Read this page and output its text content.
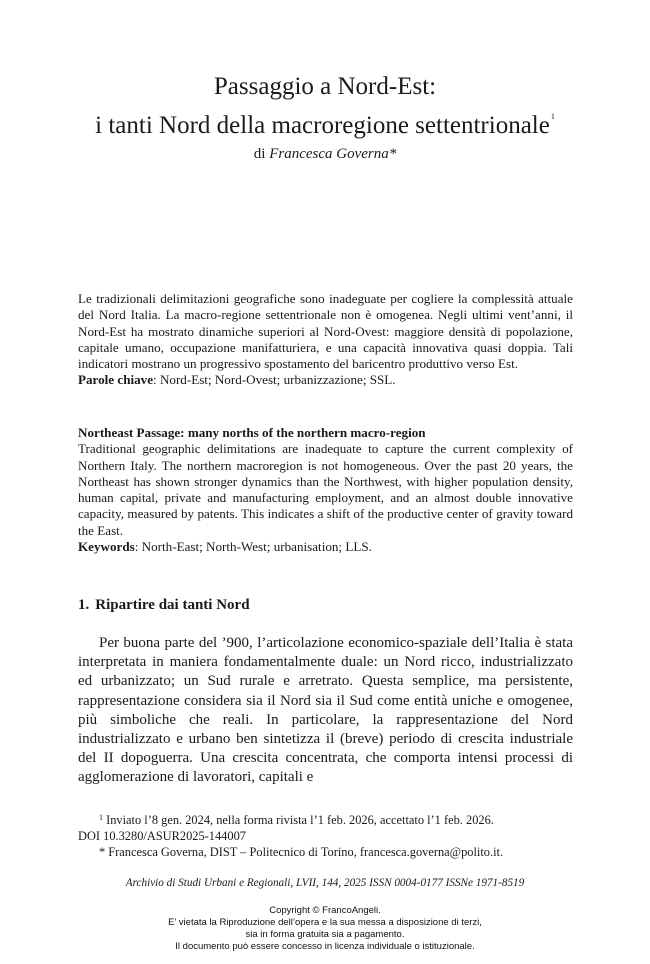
Passaggio a Nord-Est:
i tanti Nord della macroregione settentrionale$^1$
di Francesca Governa*

Le tradizionali delimitazioni geografiche sono inadeguate per cogliere la complessità attuale del Nord Italia. La macro-regione settentrionale non è omogenea. Negli ultimi vent’anni, il Nord-Est ha mostrato dinamiche superiori al Nord-Ovest: maggiore densità di popolazione, capitale umano, occupazione manifatturiera, e una capacità innovativa quasi doppia. Tali indicatori mostrano un progressivo spostamento del baricentro produttivo verso Est.

Parole chiave: Nord-Est; Nord-Ovest; urbanizzazione; SSL.

Northeast Passage: many norths of the northern macro-region

Traditional geographic delimitations are inadequate to capture the current complexity of Northern Italy. The northern macroregion is not homogeneous. Over the past 20 years, the Northeast has shown stronger dynamics than the Northwest, with higher population density, human capital, private and manufacturing employment, and an almost double innovative capacity, measured by patents. This indicates a shift of the productive center of gravity toward the East.

Keywords: North-East; North-West; urbanisation; LLS.

1. Ripartire dai tanti Nord

Per buona parte del ’900, l’articolazione economico-spaziale dell’Italia è stata interpretata in maniera fondamentalmente duale: un Nord ricco, industrializzato ed urbanizzato; un Sud rurale e arretrato. Questa semplice, ma persistente, rappresentazione considera sia il Nord sia il Sud come entità uniche e omogenee, più simboliche che reali. In particolare, la rappresentazione del Nord industrializzato e urbano ben sintetizza il (breve) periodo di crescita industriale del II dopoguerra. Una crescita concentrata, che comporta intensi processi di agglomerazione di lavoratori, capitali e

$^1$ Inviato l’8 gen. 2024, nella forma rivista l’1 feb. 2026, accettato l’1 feb. 2026.

DOI 10.3280/ASUR2025-144007

* Francesca Governa, DIST – Politecnico di Torino, francesca.governa@polito.it.

Archivio di Studi Urbani e Regionali, LVII, 144, 2025 ISSN 0004-0177 ISSNe 1971-8519
Copyright © FrancoAngeli.
E’ vietata la Riproduzione dell’opera e la sua messa a disposizione di terzi,
sia in forma gratuita sia a pagamento.
Il documento può essere concesso in licenza individuale o istituzionale.
